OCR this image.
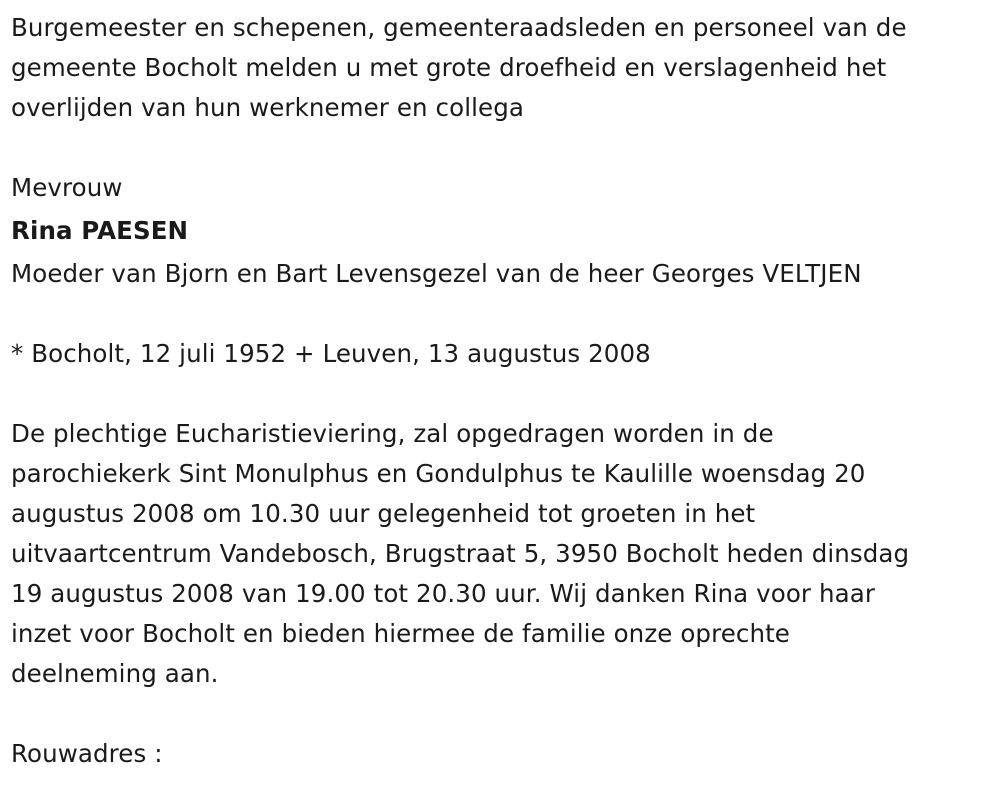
Burgemeester en schepenen, gemeenteraadsleden en personeel van de

gemeente Bocholt melden u met grote droefheid en verslagenheid het

overlijden van hun werknemer en collega

Mevrouw

Rina PAESEN

Moeder van Bjorn en Bart Levensgezel van de heer Georges VELTJEN

* Bocholt, 12 juli 1952 + Leuven, 13 augustus 2008

De plechtige Eucharistieviering, zal opgedragen worden in de

parochiekerk Sint Monulphus en Gondulphus te Kaulille woensdag 20

augustus 2008 om 10.30 uur gelegenheid tot groeten in het

uitvaartcentrum Vandebosch, Brugstraat 5, 3950 Bocholt heden dinsdag

19 augustus 2008 van 19.00 tot 20.30 uur. Wij danken Rina voor haar

inzet voor Bocholt en bieden hiermee de familie onze oprechte

deelneming aan.

Rouwadres :
